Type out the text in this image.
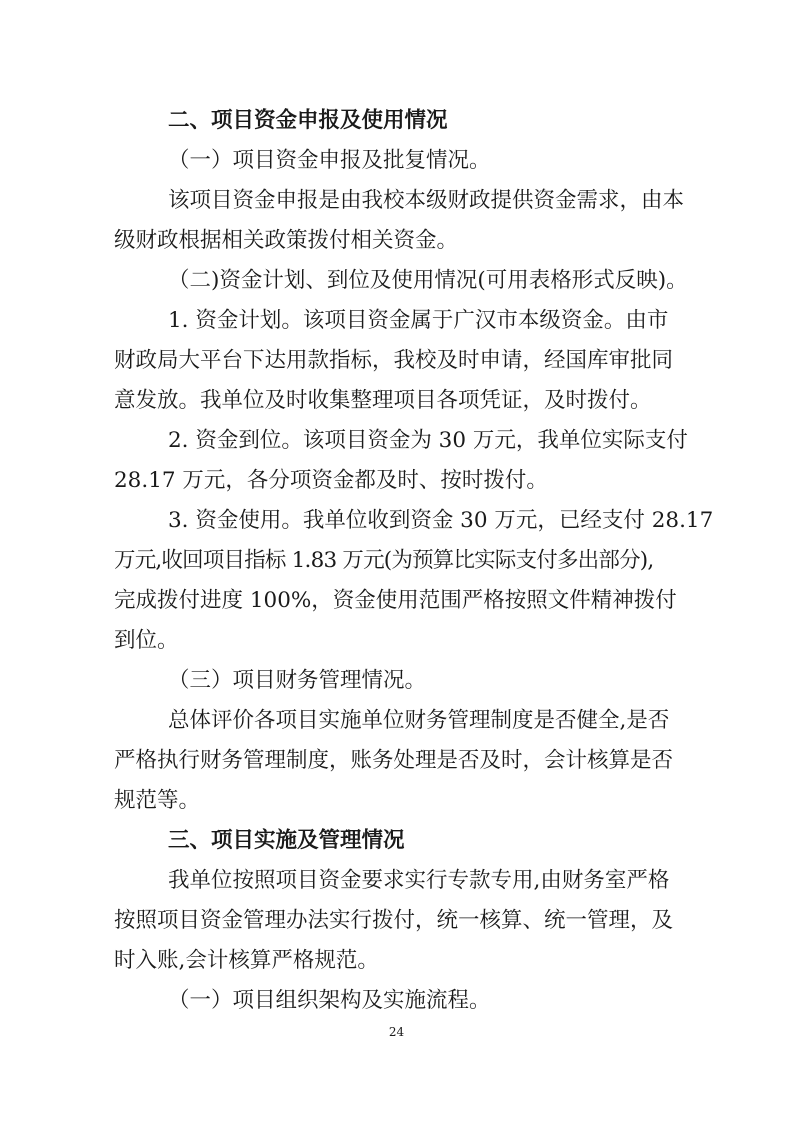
二、项目资金申报及使用情况
（一）项目资金申报及批复情况。
该项目资金申报是由我校本级财政提供资金需求，由本
级财政根据相关政策拨付相关资金。
（二)资金计划、到位及使用情况(可用表格形式反映)。
1. 资金计划。该项目资金属于广汉市本级资金。由市
财政局大平台下达用款指标，我校及时申请，经国库审批同
意发放。我单位及时收集整理项目各项凭证，及时拨付。
2. 资金到位。该项目资金为 30 万元，我单位实际支付
28.17 万元，各分项资金都及时、按时拨付。
3. 资金使用。我单位收到资金 30 万元，已经支付 28.17
万元,收回项目指标 1.83 万元(为预算比实际支付多出部分),
完成拨付进度 100%，资金使用范围严格按照文件精神拨付
到位。
（三）项目财务管理情况。
总体评价各项目实施单位财务管理制度是否健全,是否
严格执行财务管理制度，账务处理是否及时，会计核算是否
规范等。
三、项目实施及管理情况
我单位按照项目资金要求实行专款专用,由财务室严格
按照项目资金管理办法实行拨付，统一核算、统一管理，及
时入账,会计核算严格规范。
（一）项目组织架构及实施流程。
24
